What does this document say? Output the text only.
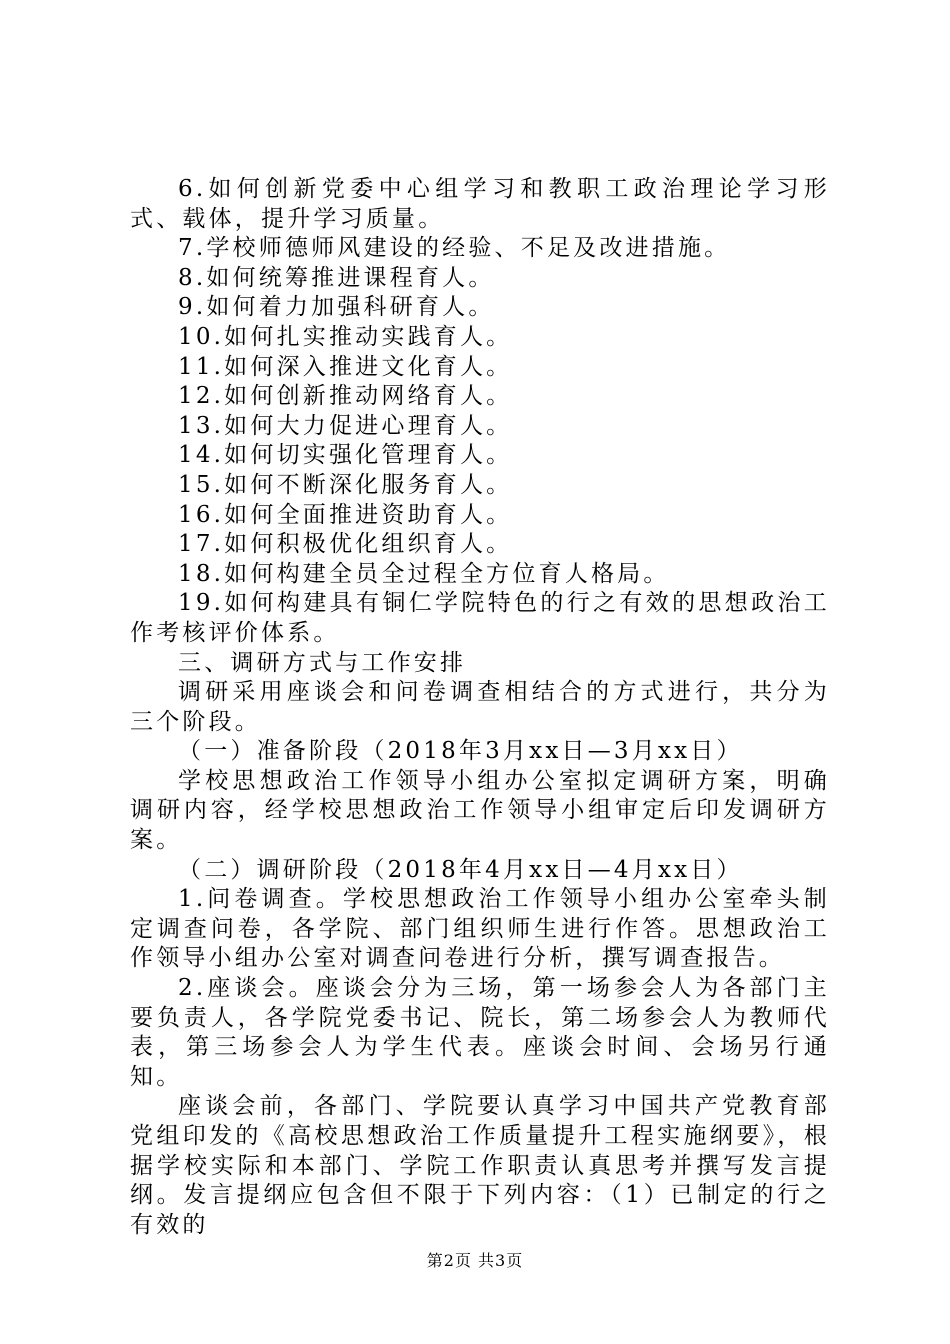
6.如何创新党委中心组学习和教职工政治理论学习形式、载体，提升学习质量。

7.学校师德师风建设的经验、不足及改进措施。

8.如何统筹推进课程育人。

9.如何着力加强科研育人。

10.如何扎实推动实践育人。

11.如何深入推进文化育人。

12.如何创新推动网络育人。

13.如何大力促进心理育人。

14.如何切实强化管理育人。

15.如何不断深化服务育人。

16.如何全面推进资助育人。

17.如何积极优化组织育人。

18.如何构建全员全过程全方位育人格局。

19.如何构建具有铜仁学院特色的行之有效的思想政治工作考核评价体系。

三、调研方式与工作安排

调研采用座谈会和问卷调查相结合的方式进行，共分为三个阶段。

（一）准备阶段（2018年3月xx日—3月xx日）

学校思想政治工作领导小组办公室拟定调研方案，明确调研内容，经学校思想政治工作领导小组审定后印发调研方案。

（二）调研阶段（2018年4月xx日—4月xx日）

1.问卷调查。学校思想政治工作领导小组办公室牵头制定调查问卷，各学院、部门组织师生进行作答。思想政治工作领导小组办公室对调查问卷进行分析，撰写调查报告。

2.座谈会。座谈会分为三场，第一场参会人为各部门主要负责人，各学院党委书记、院长，第二场参会人为教师代表，第三场参会人为学生代表。座谈会时间、会场另行通知。

座谈会前，各部门、学院要认真学习中国共产党教育部党组印发的《高校思想政治工作质量提升工程实施纲要》，根据学校实际和本部门、学院工作职责认真思考并撰写发言提纲。发言提纲应包含但不限于下列内容：（1）已制定的行之有效的

第2页 共3页
